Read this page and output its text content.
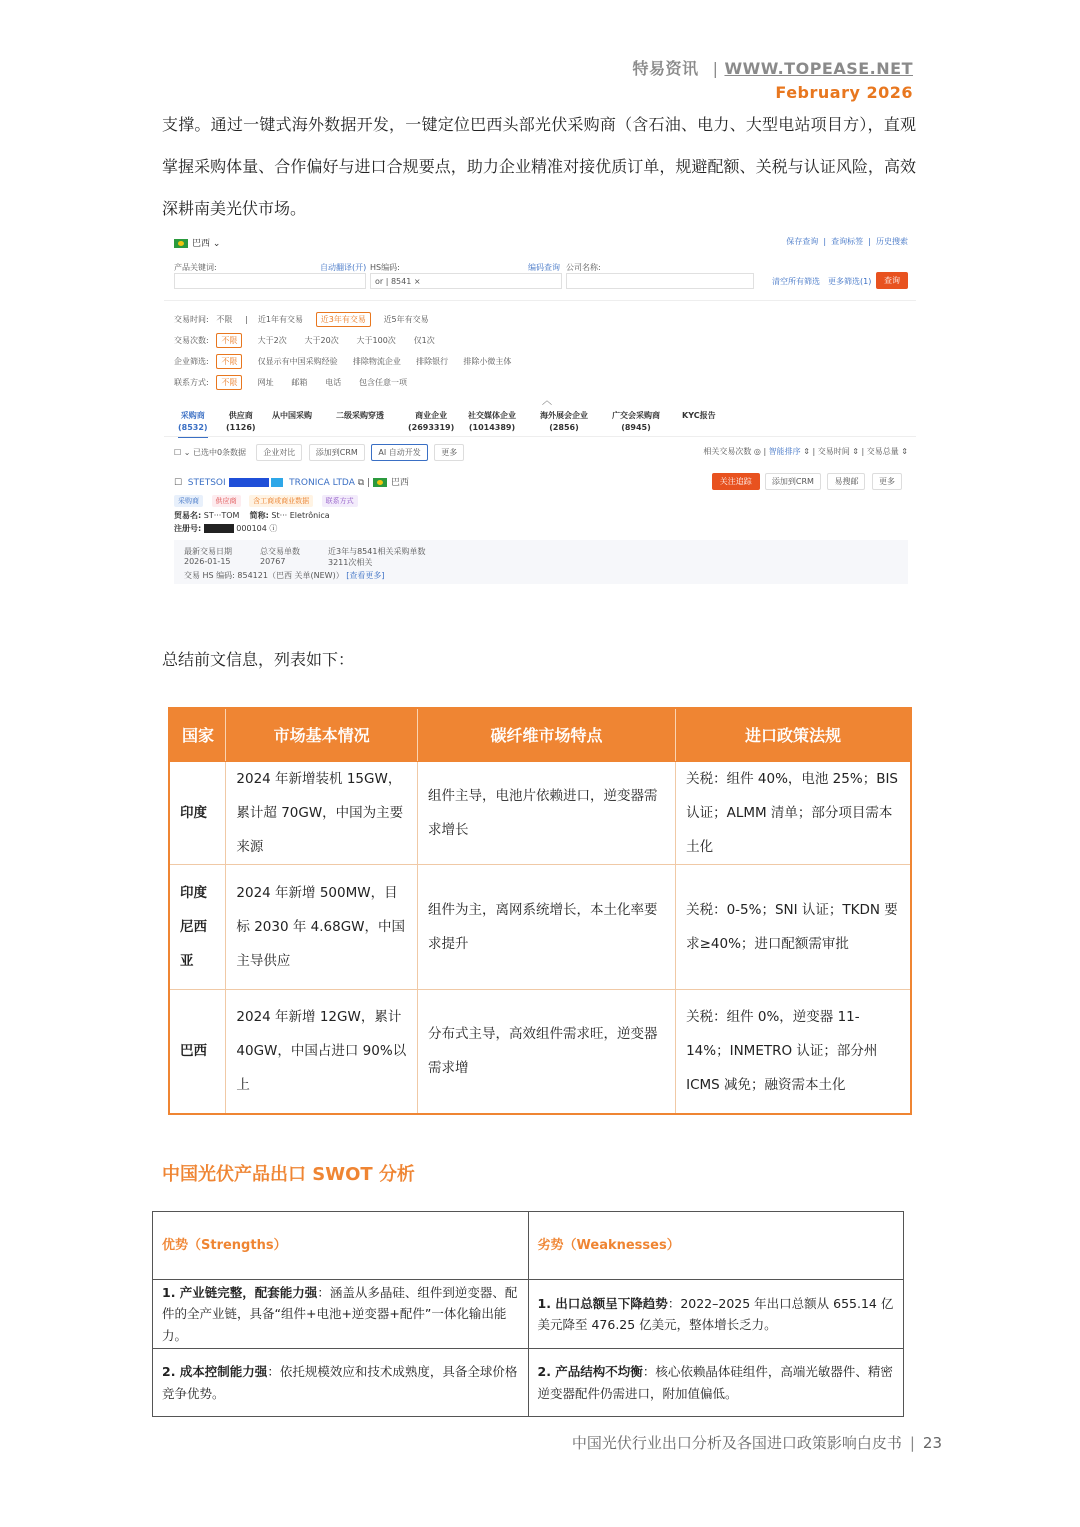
特易资讯 | WWW.TOPEASE.NET
February 2026

支撑。通过一键式海外数据开发，一键定位巴西头部光伏采购商（含石油、电力、大型电站项目方），直观掌握采购体量、合作偏好与进口合规要点，助力企业精准对接优质订单，规避配额、关税与认证风险，高效深耕南美光伏市场。

巴西 ⌄	保存查询  |  查询标签  |  历史搜索
产品关键词:	自动翻译(开) HS编码:	编码查询 公司名称:
or | 8541 ×	清空所有筛选 更多筛选(1)	查询
交易时间: 不限     |    近1年有交易 近3年有交易 近5年有交易
交易次数: 不限	大于2次 大于20次 大于100次 仅1次
企业筛选: 不限	仅显示有中国采购经验 排除物流企业 排除银行 排除小微主体
联系方式: 不限	网址 邮箱 电话 包含任意一项
︿
采购商
(8532)
供应商
(1126)
从中国采购	二级采购穿透	商业企业
(2693319)
社交媒体企业
(1014389)
海外展会企业
(2856)
广交会采购商
(8945)
KYC报告
☐ ⌄ 已选中0条数据 企业对比	添加到CRM	AI 自动开发	更多	相关交易次数 ◎ | 智能排序 ⇕ | 交易时间 ⇕ | 交易总量 ⇕
☐  STETSOI	TRONICA LTDA ⧉ | 巴西	关注追踪	添加到CRM	易搜邮	更多
采购商 供应商 含工商或商业数据 联系方式
贸易名: ST···TOM 简称: St··· Eletrônica
注册号:	000104 ⓘ
最新交易日期
2026-01-15
总交易单数
20767
近3年与8541相关采购单数
3211次相关
交易 HS 编码: 854121（巴西 关单(NEW)） [查看更多]

总结前文信息，列表如下：

国家	市场基本情况	碳纤维市场特点	进口政策法规
印度	2024 年新增装机 15GW，累计超 70GW，中国为主要来源	组件主导，电池片依赖进口，逆变器需求增长	关税：组件 40%，电池 25%；BIS 认证；ALMM 清单；部分项目需本土化
印度尼西亚	2024 年新增 500MW，目标 2030 年 4.68GW，中国主导供应	组件为主，离网系统增长，本土化率要求提升	关税：0-5%；SNI 认证；TKDN 要求≥40%；进口配额需审批
巴西	2024 年新增 12GW，累计 40GW，中国占进口 90%以上	分布式主导，高效组件需求旺，逆变器需求增	关税：组件 0%，逆变器 11-14%；INMETRO 认证；部分州 ICMS 减免；融资需本土化
中国光伏产品出口 SWOT 分析
优势（Strengths）	劣势（Weaknesses）
1. 产业链完整，配套能力强：涵盖从多晶硅、组件到逆变器、配件的全产业链，具备“组件+电池+逆变器+配件”一体化输出能力。	1. 出口总额呈下降趋势：2022–2025 年出口总额从 655.14 亿美元降至 476.25 亿美元，整体增长乏力。
2. 成本控制能力强：依托规模效应和技术成熟度，具备全球价格竞争优势。	2. 产品结构不均衡：核心依赖晶体硅组件，高端光敏器件、精密逆变器配件仍需进口，附加值偏低。
中国光伏行业出口分析及各国进口政策影响白皮书 | 23
